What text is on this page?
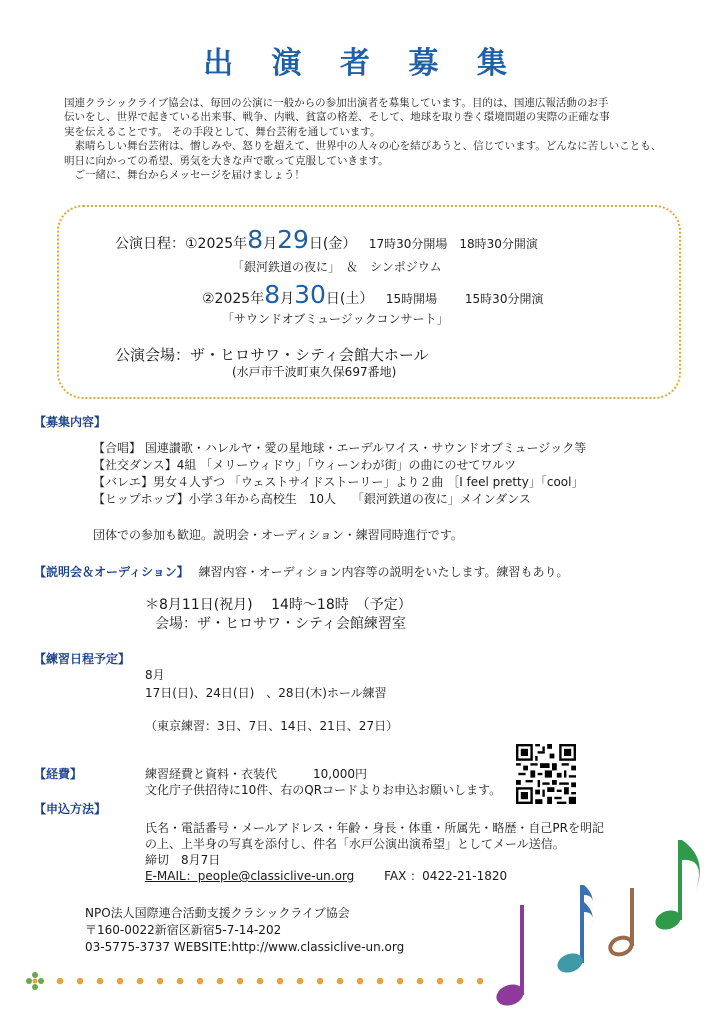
出 演 者 募 集

国連クラシックライブ協会は、毎回の公演に一般からの参加出演者を募集しています。目的は、国連広報活動のお手

伝いをし、世界で起きている出来事、戦争、内戦、貧富の格差、そして、地球を取り巻く環境問題の実際の正確な事

実を伝えることです。 その手段として、舞台芸術を通しています。

　素晴らしい舞台芸術は、憎しみや、怒りを超えて、世界中の人々の心を結びあうと、信じています。どんなに苦しいことも、

明日に向かっての希望、勇気を大きな声で歌って克服していきます。

　ご一緒に、舞台からメッセージを届けましょう！

公演日程：①2025年8月29日(金） 17時30分開場　18時30分開演
「銀河鉄道の夜に」　＆　シンポジウム
②2025年8月30日(土） 15時開場　　 15時30分開演
「サウンドオブミュージックコンサート」
公演会場：ザ・ヒロサワ・シティ会館大ホール
(水戸市千波町東久保697番地)
【募集内容】
【合唱】 国連讃歌・ハレルヤ・愛の星地球・エーデルワイス・サウンドオブミュージック等
【社交ダンス】4組 「メリーウィドウ」「ウィーンわが街」の曲にのせてワルツ
【バレエ】男女４人ずつ 「ウェストサイドストーリー」より２曲 ［I feel pretty」「cool」
【ヒップホップ】小学３年から高校生　10人　 「銀河鉄道の夜に」メインダンス
団体での参加も歓迎。説明会・オーディション・練習同時進行です。
【説明会＆オーディション】 練習内容・オーディション内容等の説明をいたします。練習もあり。
＊8月11日(祝月)　 14時～18時　（予定）
会場：ザ・ヒロサワ・シティ会館練習室
【練習日程予定】
8月
17日(日)、24日(日)　、28日(木)ホール練習
（東京練習：3日、7日、14日、21日、27日）
【経費】	練習経費と資料・衣装代　　　10,000円
文化庁子供招待に10件、右のQRコードよりお申込お願いします。
【申込方法】
氏名・電話番号・メールアドレス・年齢・身長・体重・所属先・略歴・自己PRを明記
の上、上半身の写真を添付し、件名「水戸公演出演希望」としてメール送信。
締切　8月7日
E-MAIL：people@classiclive-un.org FAX ：0422-21-1820
NPO法人国際連合活動支援クラシックライブ協会
〒160-0022新宿区新宿5-7-14-202
03-5775-3737 WEBSITE:http://www.classiclive-un.org
